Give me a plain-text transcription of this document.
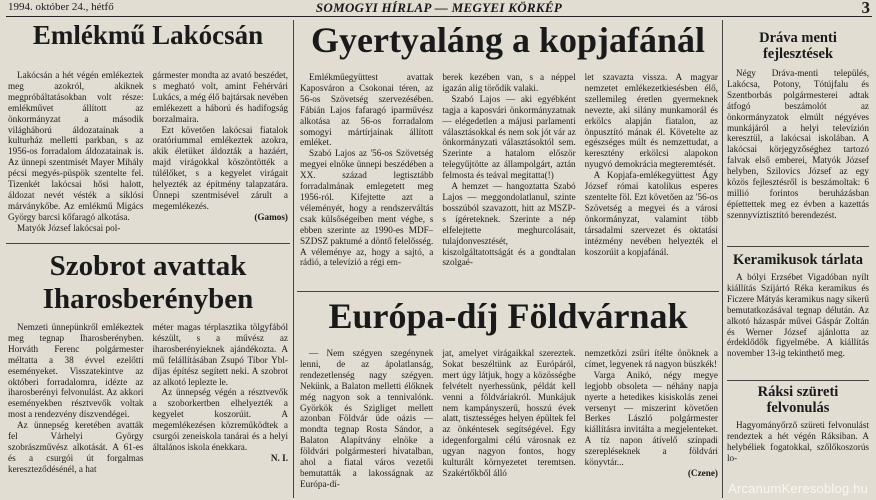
1994. október 24., hétfő	SOMOGYI HÍRLAP — MEGYEI KÖRKÉP	3
Emlékmű Lakócsán

Lakócsán a hét végén emlékeztek meg azokról, akiknek megpróbáltatásokban volt része: emlékművet állított az önkormányzat a második világháború áldozatainak a kulturház melletti parkban, s az 1956-os forradalom áldozatainak is. Az ünnepi szentmisét Mayer Mihály pécsi megyés-püspök szentelte fel. Tizenkét lakócsai hősi halott, áldozat nevét vésték a siklósi márványkőbe. Az emlékmű Migács György barcsi kőfaragó alkotása.

Matyók József lakócsai pol-

gármester mondta az avató beszédet, s megható volt, amint Fehérvári Lukács, a még élő bajtársak nevében emlékezett a háború és hadifogság borzalmaira.

Ezt követően lakócsai fiatalok oratóriummal emlékeztek azokra, akik életüket áldozták a hazáért, majd virágokkal köszöntötték a túlélőket, s a kegyelet virágait helyezték az építmény talapzatára. Ünnepi szentmisével zárult a megemlékezés.

(Gamos)
Szobrot avattak Iharosberényben

Nemzeti ünnepünkről emlékeztek meg tegnap Iharosberényben. Horváth Ferenc polgármester méltatta a 38 évvel ezelőtti eseményeket. Visszatekintve az októberi forradalomra, idézte az iharosberényi felvonulást. Az akkori eseményekben résztvevők voltak most a rendezvény díszvendégei.

Az ünnepség keretében avatták fel Várhelyi György szobrászművész alkotását. A 61-es és a csurgói út forgalmas kereszteződésénél, a hat

méter magas térplasztika tölgyfából készült, s a művész az iharosberényieknek ajándékozta. A mű felállításában Zsupó Tibor Ybl-díjas építész segített neki. A szobrot az alkotó leplezte le.

Az ünnepség végén a résztvevők a szoborkertben elhelyezték a kegyelet koszorúit. A megemlékezésen közreműködtek a csurgói zeneiskola tanárai és a helyi általános iskola énekkara.

N. I.
Gyertyaláng a kopjafánál

Emlékműegyüttest avattak Kaposváron a Csokonai téren, az 56-os Szövetség szervezésében. Fábián Lajos fafaragó iparművész alkotása az 56-os forradalom somogyi mártírjainak állított emléket.

Szabó Lajos az '56-os Szövetség megyei elnöke ünnepi beszédében a XX. század legtisztább forradalmának emlegetett meg 1956-ról. Kifejtette azt a véleményét, hogy a rendszerváltás csak külsőségeiben ment végbe, s ebben szerinte az 1990-es MDF–SZDSZ paktumé a döntő felelősség. A véleménye az, hogy a sajtó, a rádió, a televízió a régi em-

berek kezében van, s a néppel igazán alig törődik valaki.

Szabó Lajos — aki egyébként tagja a kaposvári önkormányzatnak — elégedetlen a májusi parlamenti választásokkal és nem sok jót vár az önkormányzati választásoktól sem. Szerinte a hatalom először telegyűjtötte az állampolgárt, aztán felmosta és teával megitatta(!)

A hemzet — hangoztatta Szabó Lajos — meggondolatlanul, szinte bosszúból szavazott, hitt az MSZP-s ígéreteknek. Szerinte a nép elfelejtette meghurcolásait, tulajdonvesztését, kiszolgáltatottságát és a gondtalan szolgaé-

let szavazta vissza. A magyar nemzetet emlékezetkiesésben élő, szellemileg éretlen gyermeknek nevezte, aki silány munkamorál és erkölcs alapján fiatalon, az önpusztító mának él. Követelte az egészséges múlt és nemzettudat, a keresztény erkölcsi alapokon nyugvó demokrácia megteremtését.

A Kopjafa-emlékegyüttest Ágy József római katolikus esperes szentelte föl. Ezt követően az '56-os Szövetség a megyei és a városi önkormányzat, valamint több társadalmi szervezet és oktatási intézmény nevében helyezték el koszorúit a kopjafánál.

Európa-díj Földvárnak

— Nem szégyen szegénynek lenni, de az ápolatlanság, rendezetlenség nagy szégyen. Nekünk, a Balaton melletti élőknek még nagyon sok a tennivalónk. Györkök és Szigliget mellett azonban Földvár üde oázis — mondta tegnap Rosta Sándor, a Balaton Alapítvány elnöke a földvári polgármesteri hivatalban, ahol a fiatal város vezetői bemutatták a lakosságnak az Európa-dí-

jat, amelyet virágaikkal szereztek. Sokat beszéltünk az Európáról, mert úgy látjuk, hogy a közösségbe felvételt nyerhessünk, példát kell venni a földváriakról. Munkájuk nem kampányszerű, hosszú évek alatt, tisztességes helyen épültek fel az önkéntesek segítségével. Egy idegenforgalmi célú városnak ez ugyan nagyon fontos, hogy kulturált környezetet teremtsen. Szakértőkből álló

nemzetközi zsűri ítélte önöknek a címet, legyenek rá nagyon büszkék!

Varga Anikó, négy megye legjobb obsoleta — néhány napja nyerte a hetedikes kisiskolás zenei versenyt — miszerint követően Berkes László polgármester kiállításra invitálta a megjelenteket. A tíz napon átívelő színpadi szerepléseknek a földvári könyvtár...

(Czene)
Dráva menti fejlesztések

Négy Dráva-menti település, Lakócsa, Potony, Tótújfalu és Szentborbás polgármesterei adtak átfogó beszámolót az önkormányzatok elmúlt négyéves munkájáról a helyi televízión keresztül, a lakócsai iskolában. A lakócsai körjegyzőséghez tartozó falvak első emberei, Matyók József helyben, Szilovics József az egy közös fejlesztésről is beszámoltak: 6 millió forintos beruházásban épíettettek meg ez évben a kazettás szennyvíztisztító berendezést.

Keramikusok tárlata

A bólyi Erzsébet Vigadóban nyílt kiállítás Szíjártó Réka keramikus és Ficzere Mátyás keramikus nagy sikerű bemutatkozásával tegnap délután. Az alkotó házaspár művei Gáspár Zoltán és Werner József ajánlotta az érdeklődők figyelmébe. A kiállítás november 13-ig tekinthető meg.

Ráksi szüreti felvonulás

Hagyományőrző szüreti felvonulást rendeztek a hét végén Ráksiban. A helybéliek fogatokkal, szőlőkoszorús lo-

ArcanumKeresoblog.hu
